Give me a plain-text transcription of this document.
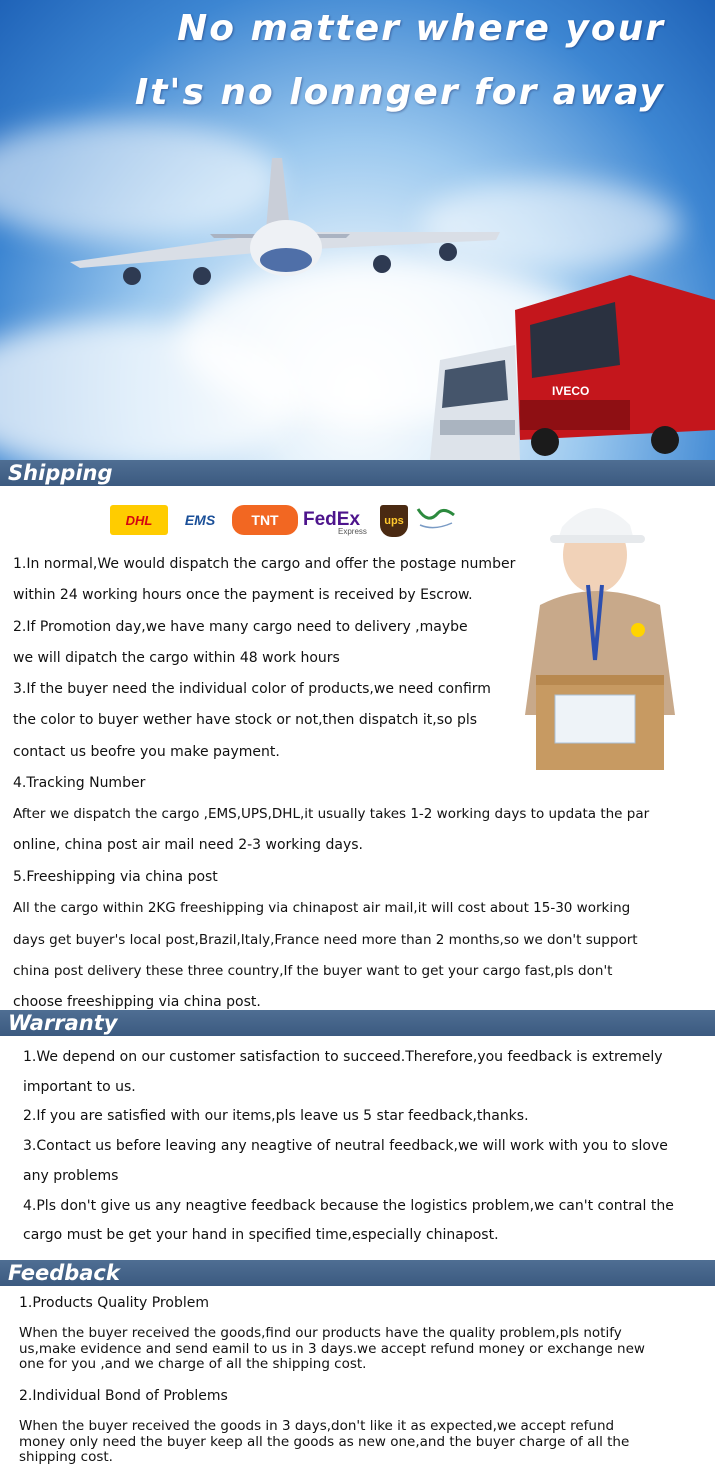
No matter where your
It's no lonnger for away
IVECO
Shipping
DHL	EMS	TNT	FedEx
Express
ups
1.In normal,We would dispatch the cargo and offer the postage number
within 24 working hours once the payment is received by Escrow.
2.If Promotion day,we have many cargo need to delivery ,maybe
we will dipatch the cargo within 48 work hours
3.If the buyer need the individual color of products,we need confirm
the color to buyer wether have stock or not,then dispatch it,so pls
contact us beofre you make payment.
4.Tracking Number
After we dispatch the cargo ,EMS,UPS,DHL,it usually takes 1-2 working days to updata the par
online, china post air mail need 2-3 working days.
5.Freeshipping via china post
All the cargo within 2KG freeshipping via chinapost air mail,it will cost about 15-30 working
days get buyer's local post,Brazil,Italy,France need more than 2 months,so we don't support
china post delivery these three country,If the buyer want to get your cargo fast,pls don't
choose freeshipping via china post.
Warranty
1.We depend on our customer satisfaction to succeed.Therefore,you feedback is extremely
important to us.
2.If you are satisfied with our items,pls leave us 5 star feedback,thanks.
3.Contact us before leaving any neagtive of neutral feedback,we will work with you to slove
any problems
4.Pls don't give us any neagtive feedback because the logistics problem,we can't contral the
cargo must be get your hand in specified time,especially chinapost.
Feedback
1.Products Quality Problem
When the buyer received the goods,find our products have the quality problem,pls notify
us,make evidence and send eamil to us in 3 days.we accept refund money or exchange new
one for you ,and we charge of all the shipping cost.
2.Individual Bond of Problems
When the buyer received the goods in 3 days,don't like it as expected,we accept refund
money only need the buyer keep all the goods as new one,and the buyer charge of all the
shipping cost.
